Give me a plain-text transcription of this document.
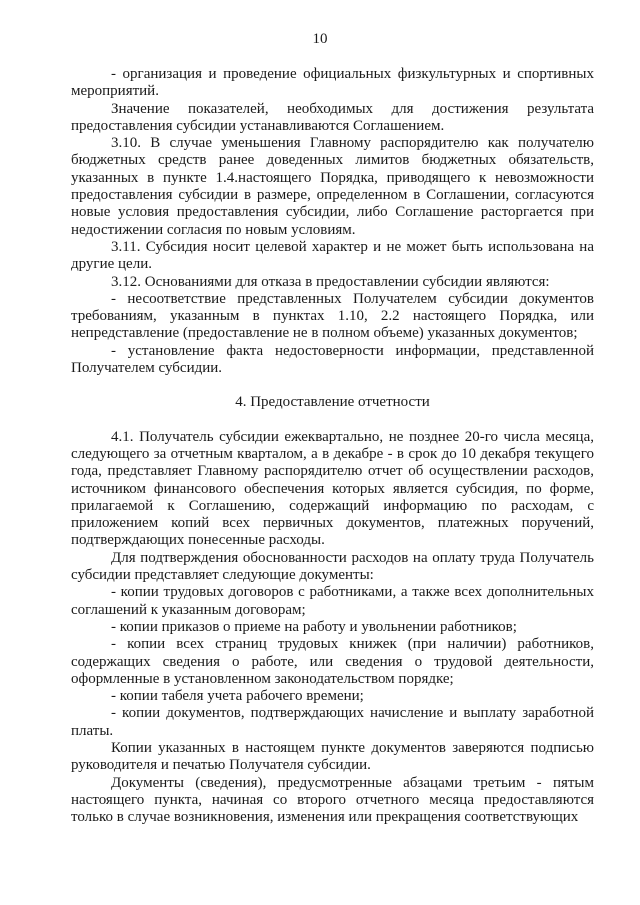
10

- организация и проведение официальных физкультурных и спортивных мероприятий.

Значение показателей, необходимых для достижения результата предоставления субсидии устанавливаются Соглашением.

3.10. В случае уменьшения Главному распорядителю как получателю бюджетных средств ранее доведенных лимитов бюджетных обязательств, указанных в пункте 1.4.настоящего Порядка, приводящего к невозможности предоставления субсидии в размере, определенном в Соглашении, согласуются новые условия предоставления субсидии, либо Соглашение расторгается при недостижении согласия по новым условиям.

3.11. Субсидия носит целевой характер и не может быть использована на другие цели.

3.12. Основаниями для отказа в предоставлении субсидии являются:

- несоответствие представленных Получателем субсидии документов требованиям, указанным в пунктах 1.10, 2.2 настоящего Порядка, или непредставление (предоставление не в полном объеме) указанных документов;

- установление факта недостоверности информации, представленной Получателем субсидии.

4. Предоставление отчетности

4.1. Получатель субсидии ежеквартально, не позднее 20-го числа месяца, следующего за отчетным кварталом, а в декабре - в срок до 10 декабря текущего года, представляет Главному распорядителю отчет об осуществлении расходов, источником финансового обеспечения которых является субсидия, по форме, прилагаемой к Соглашению, содержащий информацию по расходам, с приложением копий всех первичных документов, платежных поручений, подтверждающих понесенные расходы.

Для подтверждения обоснованности расходов на оплату труда Получатель субсидии представляет следующие документы:

- копии трудовых договоров с работниками, а также всех дополнительных соглашений к указанным договорам;

- копии приказов о приеме на работу и увольнении работников;

- копии всех страниц трудовых книжек (при наличии) работников, содержащих сведения о работе, или сведения о трудовой деятельности, оформленные в установленном законодательством порядке;

- копии табеля учета рабочего времени;

- копии документов, подтверждающих начисление и выплату заработной платы.

Копии указанных в настоящем пункте документов заверяются подписью руководителя и печатью Получателя субсидии.

Документы (сведения), предусмотренные абзацами третьим - пятым настоящего пункта, начиная со второго отчетного месяца предоставляются только в случае возникновения, изменения или прекращения соответствующих
